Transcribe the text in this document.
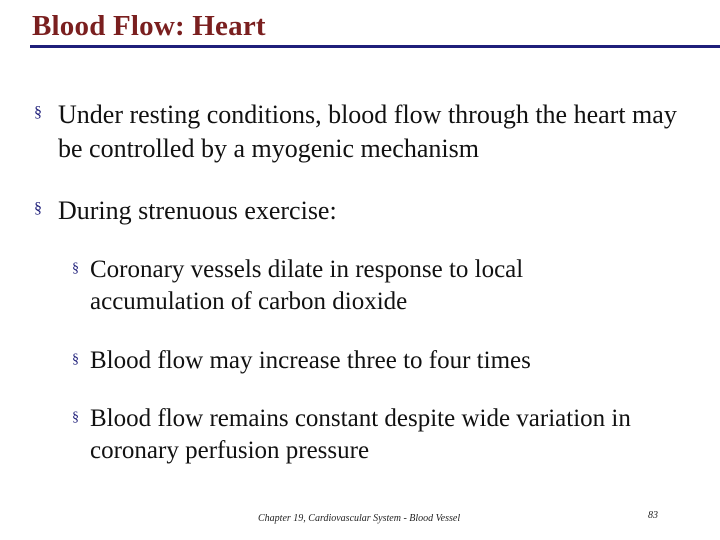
Blood Flow: Heart
§ Under resting conditions, blood flow through the heart may be controlled by a myogenic mechanism
§ During strenuous exercise:
§ Coronary vessels dilate in response to local accumulation of carbon dioxide
§ Blood flow may increase three to four times
§ Blood flow remains constant despite wide variation in coronary perfusion pressure
Chapter 19, Cardiovascular System - Blood Vessel	83
